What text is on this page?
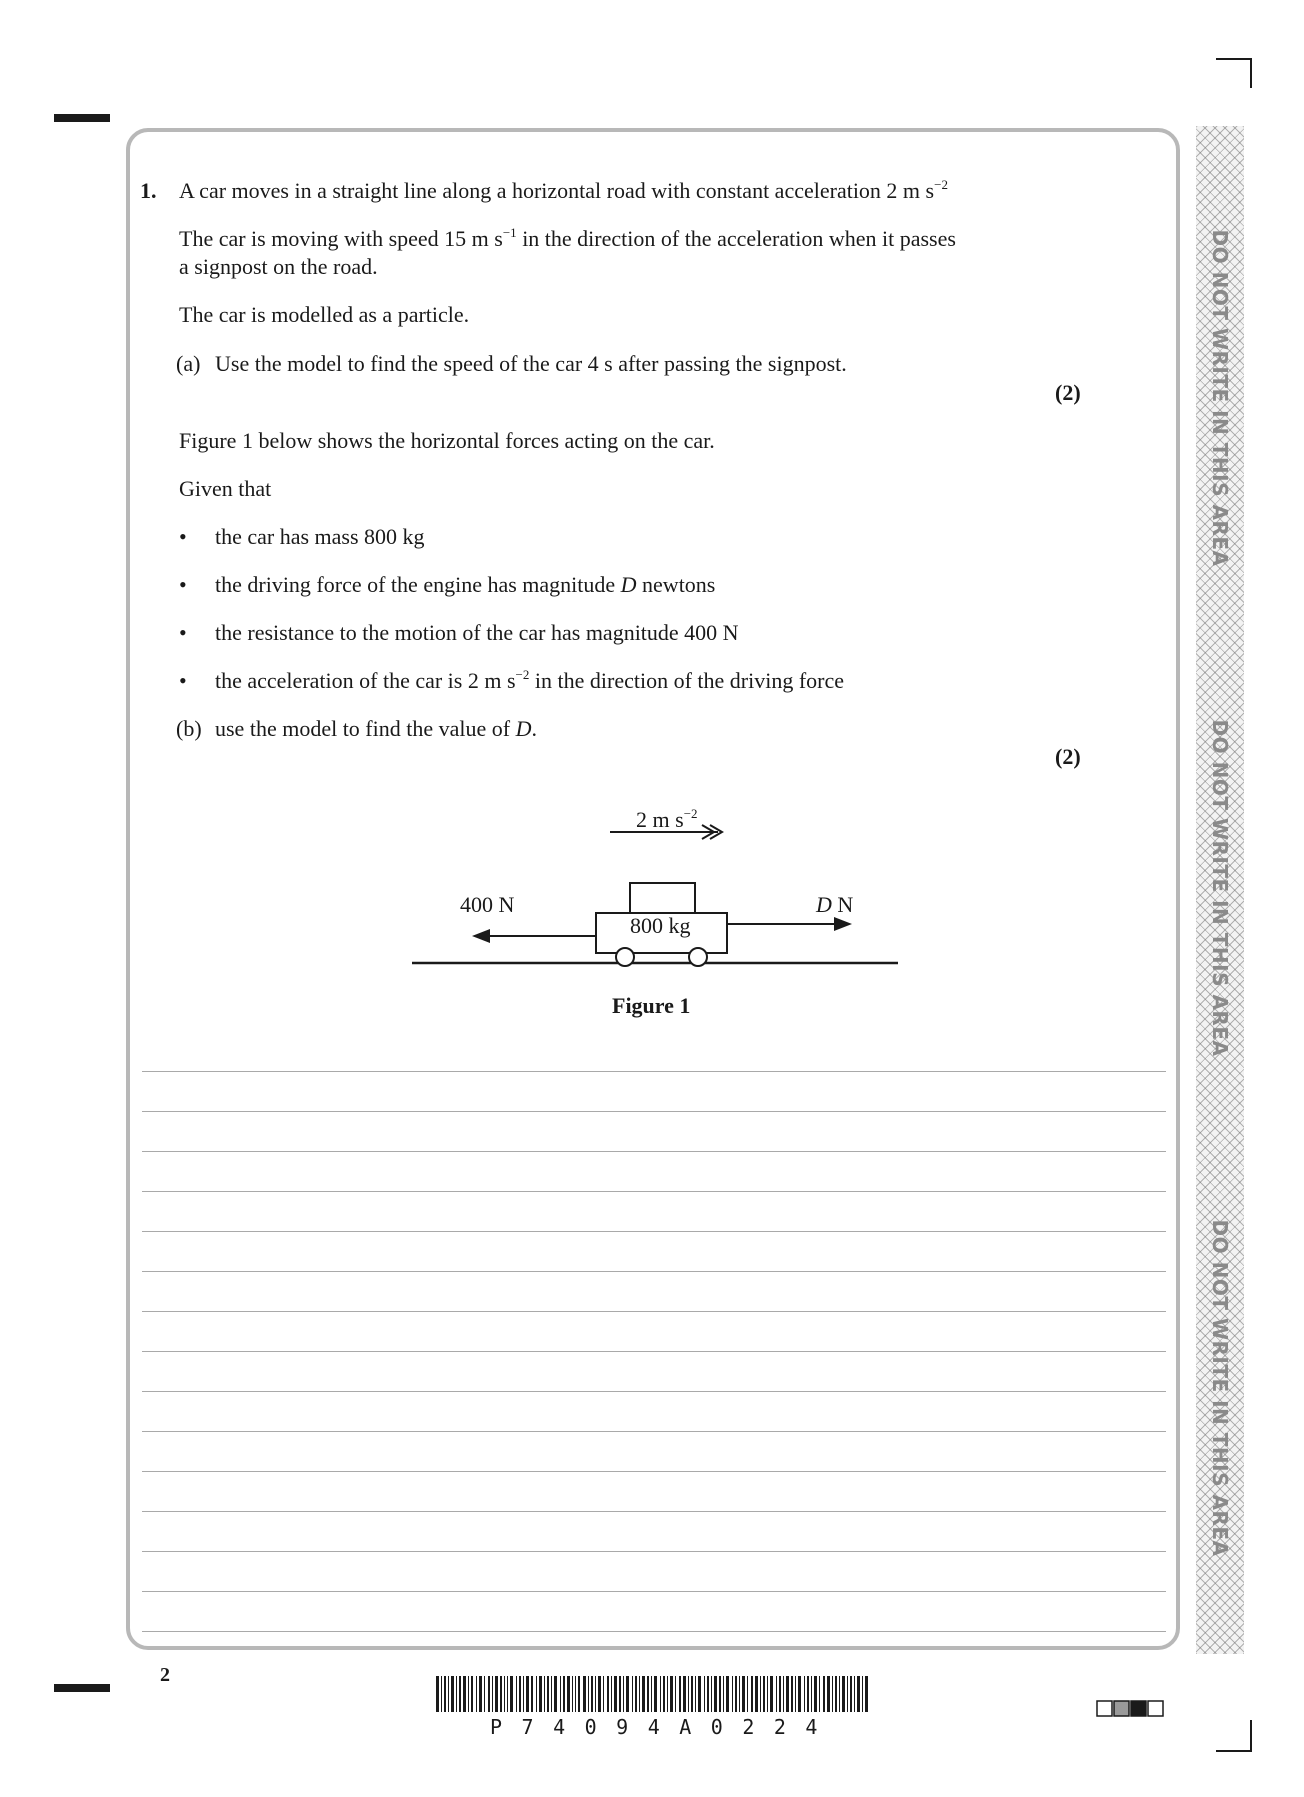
DO NOT WRITE IN THIS AREA
DO NOT WRITE IN THIS AREA
DO NOT WRITE IN THIS AREA
1. A car moves in a straight line along a horizontal road with constant acceleration 2 m $s^{-2}$
The car is moving with speed 15 m $s^{-1}$ in the direction of the acceleration when it passes
a signpost on the road.
The car is modelled as a particle.
(a) Use the model to find the speed of the car 4 s after passing the signpost.
(2)
Figure 1 below shows the horizontal forces acting on the car.
Given that
• the car has mass 800 kg
• the driving force of the engine has magnitude D newtons
• the resistance to the motion of the car has magnitude 400 N
• the acceleration of the car is 2 m $s^{-2}$ in the direction of the driving force
(b) use the model to find the value of D.
(2)
2 m $s^{-2}$
400 N	D N
800 kg
Figure 1
2
P74094A0224
